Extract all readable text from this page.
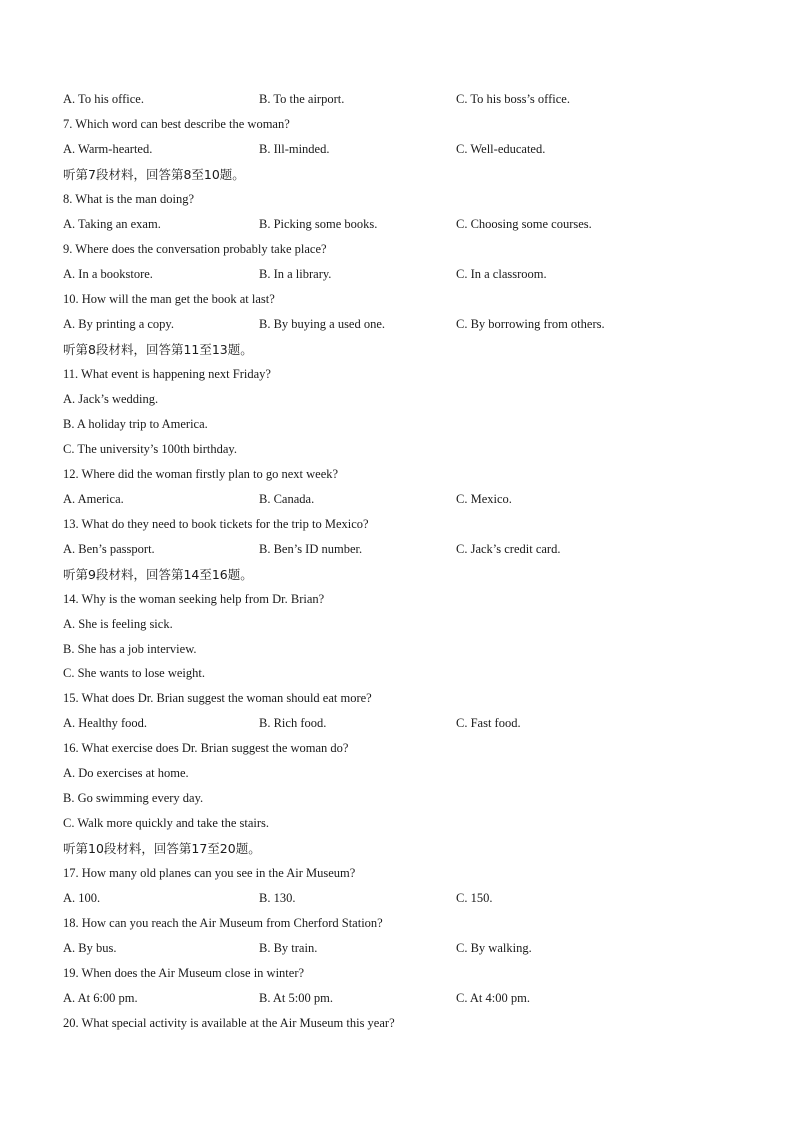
A. To his office.	B. To the airport.	C. To his boss’s office.
7. Which word can best describe the woman?
A. Warm-hearted.	B. Ill-minded.	C. Well-educated.
听第7段材料，回答第8至10题。
8. What is the man doing?
A. Taking an exam.	B. Picking some books.	C. Choosing some courses.
9. Where does the conversation probably take place?
A. In a bookstore.	B. In a library.	C. In a classroom.
10. How will the man get the book at last?
A. By printing a copy.	B. By buying a used one.	C. By borrowing from others.
听第8段材料，回答第11至13题。
11. What event is happening next Friday?
A. Jack’s wedding.
B. A holiday trip to America.
C. The university’s 100th birthday.
12. Where did the woman firstly plan to go next week?
A. America.	B. Canada.	C. Mexico.
13. What do they need to book tickets for the trip to Mexico?
A. Ben’s passport.	B. Ben’s ID number.	C. Jack’s credit card.
听第9段材料，回答第14至16题。
14. Why is the woman seeking help from Dr. Brian?
A. She is feeling sick.
B. She has a job interview.
C. She wants to lose weight.
15. What does Dr. Brian suggest the woman should eat more?
A. Healthy food.	B. Rich food.	C. Fast food.
16. What exercise does Dr. Brian suggest the woman do?
A. Do exercises at home.
B. Go swimming every day.
C. Walk more quickly and take the stairs.
听第10段材料，回答第17至20题。
17. How many old planes can you see in the Air Museum?
A. 100.	B. 130.	C. 150.
18. How can you reach the Air Museum from Cherford Station?
A. By bus.	B. By train.	C. By walking.
19. When does the Air Museum close in winter?
A. At 6:00 pm.	B. At 5:00 pm.	C. At 4:00 pm.
20. What special activity is available at the Air Museum this year?
